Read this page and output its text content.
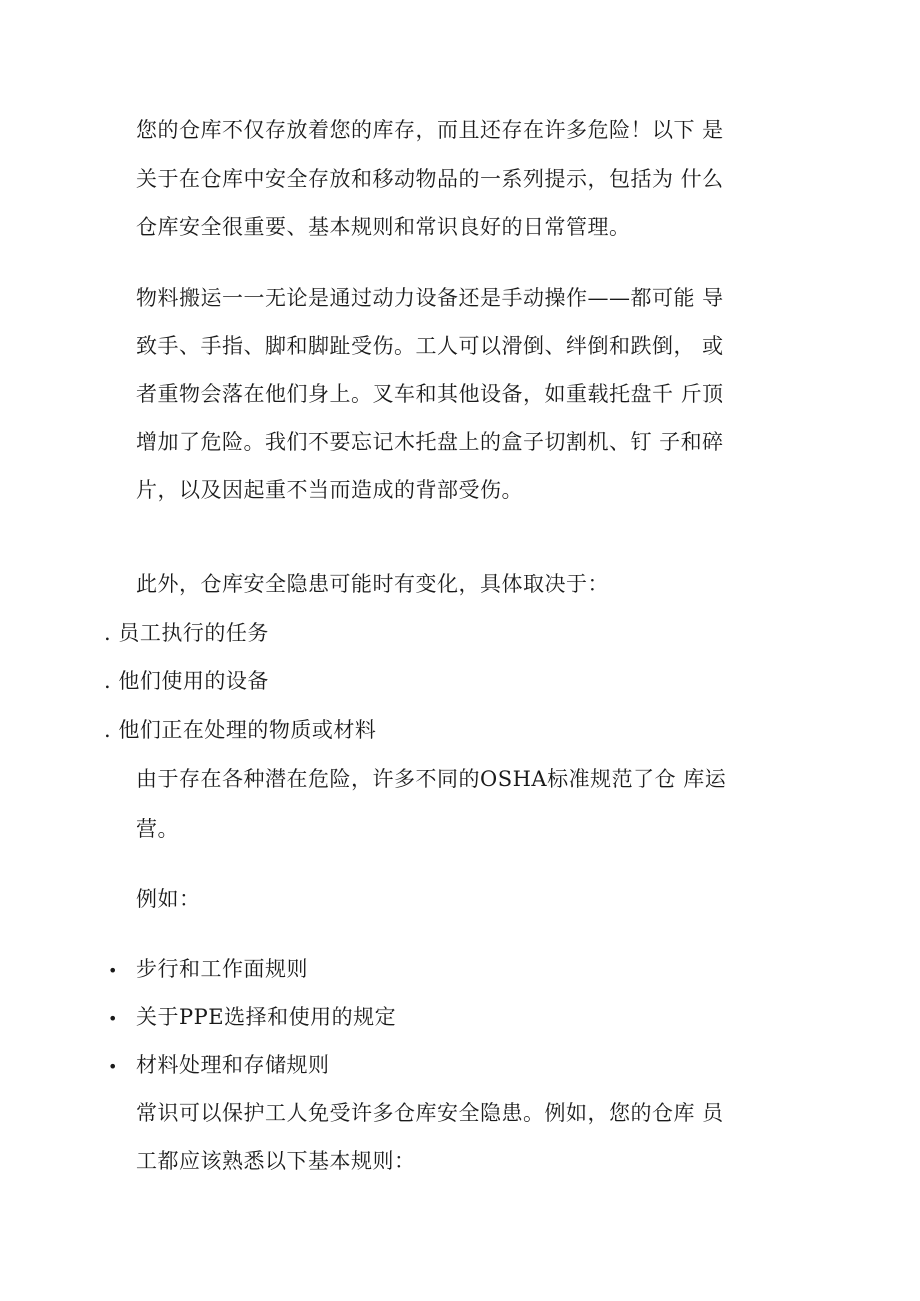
您的仓库不仅存放着您的库存，而且还存在许多危险！以下 是
关于在仓库中安全存放和移动物品的一系列提示，包括为 什么
仓库安全很重要、基本规则和常识良好的日常管理。
物料搬运一一无论是通过动力设备还是手动操作——都可能 导
致手、手指、脚和脚趾受伤。工人可以滑倒、绊倒和跌倒， 或
者重物会落在他们身上。叉车和其他设备，如重载托盘千 斤顶
增加了危险。我们不要忘记木托盘上的盒子切割机、钉 子和碎
片，以及因起重不当而造成的背部受伤。
此外，仓库安全隐患可能时有变化，具体取决于：
. 员工执行的任务
. 他们使用的设备
. 他们正在处理的物质或材料
由于存在各种潜在危险，许多不同的OSHA标准规范了仓 库运
营。
例如：
• 步行和工作面规则
• 关于PPE选择和使用的规定
• 材料处理和存储规则
常识可以保护工人免受许多仓库安全隐患。例如，您的仓库 员
工都应该熟悉以下基本规则：
